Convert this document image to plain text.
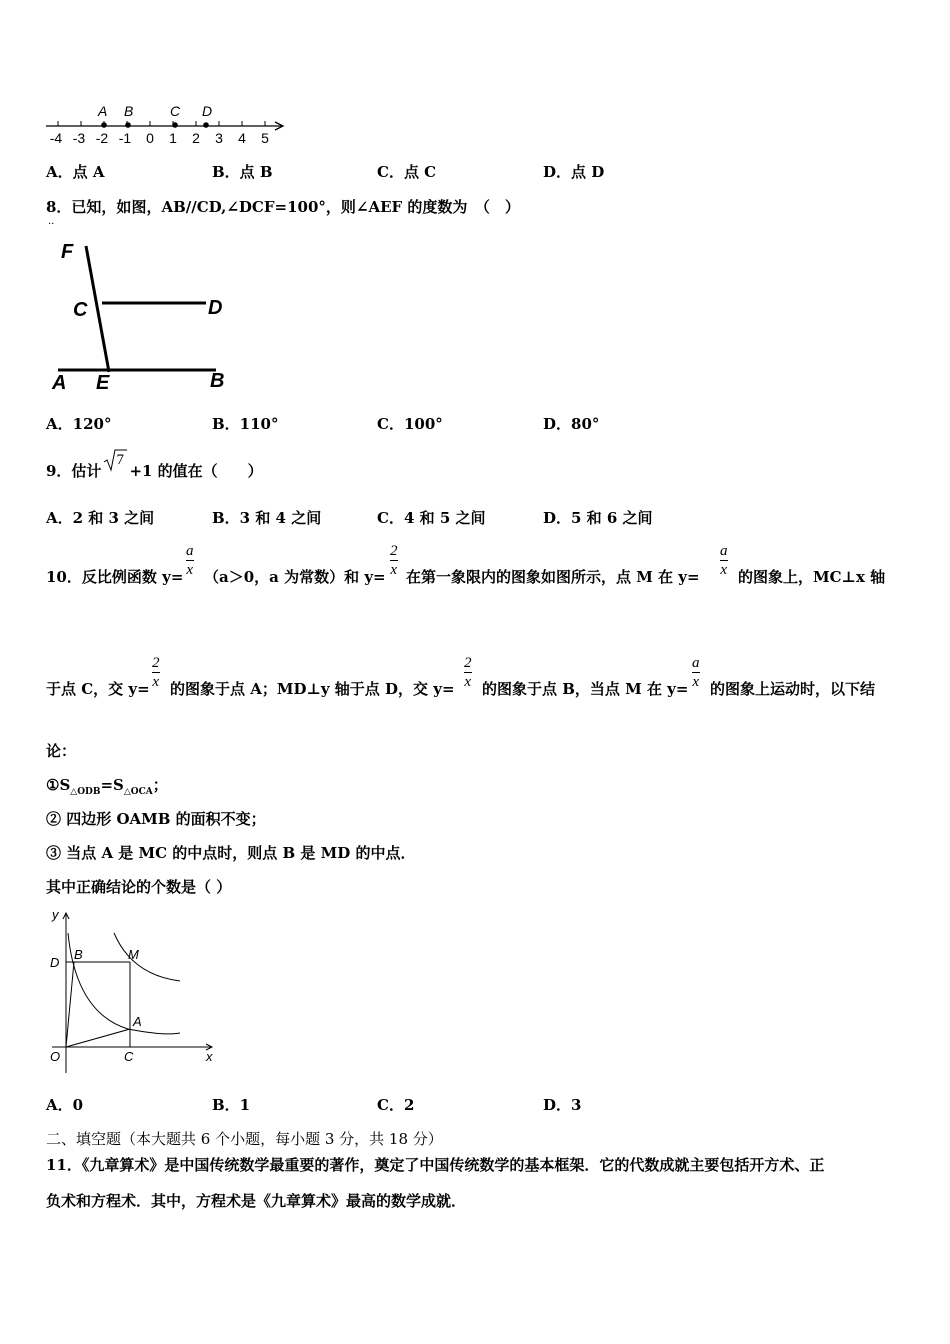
A B	C D
-4 -3 -2 -1 0 1 2 3 4 5
A．点 A	B．点 B	C．点 C	D．点 D
8．已知，如图，AB//CD,∠DCF=100°，则∠AEF 的度数为　（　）
··
F
C	D
A E	B
A．120°	B．110°	C．100°	D．80°
9．估计
7
+1 的值在（　　）
A．2 和 3 之间	B．3 和 4 之间	C．4 和 5 之间	D．5 和 6 之间
10．反比例函数 y=
a
x （a＞0，a 为常数）和 y=
2
x 在第一象限内的图象如图所示，点 M 在 y=
a
x 的图象上，MC⊥x 轴
于点 C，交 y=
2
x 的图象于点 A；MD⊥y 轴于点 D，交 y=
2
x 的图象于点 B，当点 M 在 y=
a
x 的图象上运动时，以下结
论：
$①S_{\triangle ODB}=S_{\triangle OCA}$；
② 四边形 OAMB 的面积不变；
③ 当点 A 是 MC 的中点时，则点 B 是 MD 的中点．
其中正确结论的个数是（ ）
y
D
B	M
A
O	C	x
A．0	B．1	C．2	D．3
二、填空题（本大题共 6 个小题，每小题 3 分，共 18 分）
11．《九章算术》是中国传统数学最重要的著作，奠定了中国传统数学的基本框架．它的代数成就主要包括开方术、正
负术和方程术．其中，方程术是《九章算术》最高的数学成就．
